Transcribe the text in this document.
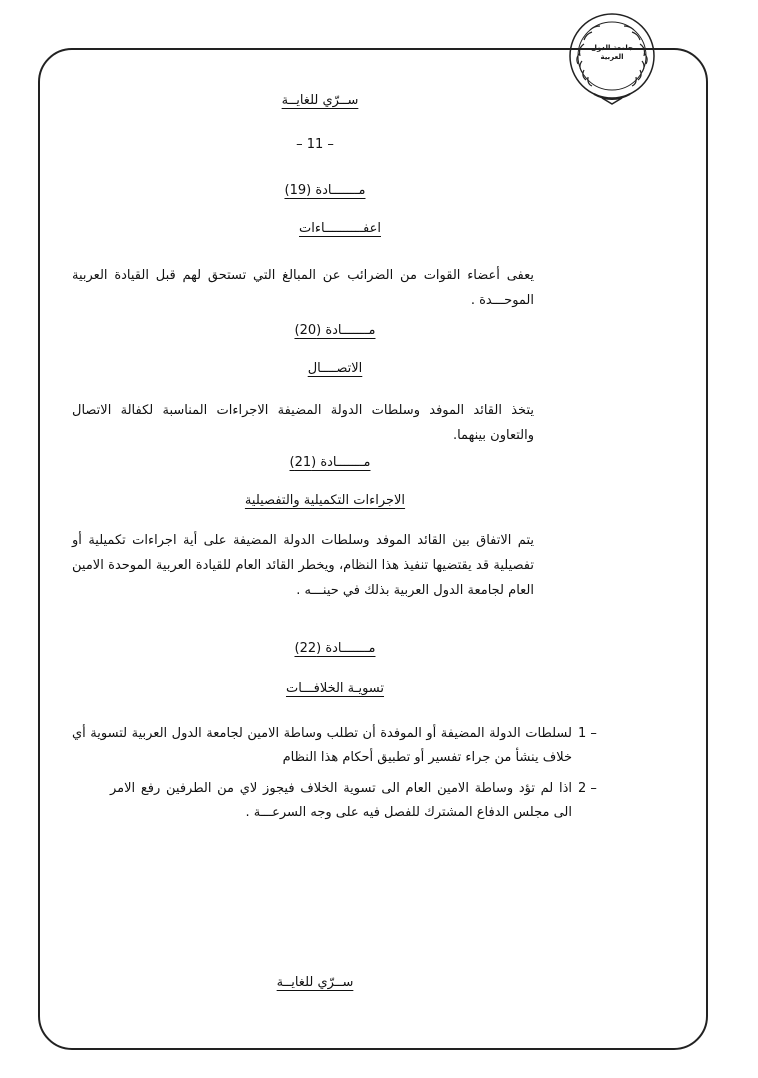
جامعة الدول العربية
ســرّي للغايــة
– 11 –
مـــــــادة (19)
اعفــــــــــاءات
يعفى أعضاء القوات من الضرائب عن المبالغ التي تستحق لهم قبل القيادة العربية الموحـــدة .
مـــــــادة (20)
الاتصــــال
يتخذ القائد الموفد وسلطات الدولة المضيفة الاجراءات المناسبة لكفالة الاتصال والتعاون بينهما.
مـــــــادة (21)
الاجراءات التكميلية والتفصيلية
يتم الاتفاق بين القائد الموفد وسلطات الدولة المضيفة على أية اجراءات تكميلية أو تفصيلية قد يقتضيها تنفيذ هذا النظام، ويخطر القائد العام للقيادة العربية الموحدة الامين العام لجامعة الدول العربية بذلك في حينـــه .
مـــــــادة (22)
تسويـة الخلافـــات
1 –
لسلطات الدولة المضيفة أو الموفدة أن تطلب وساطة الامين لجامعة الدول العربية لتسوية أي خلاف ينشأ من جراء تفسير أو تطبيق أحكام هذا النظام
2 –
اذا لم تؤد وساطة الامين العام الى تسوية الخلاف فيجوز لاي من الطرفين رفع الامر الى مجلس الدفاع المشترك للفصل فيه على وجه السرعـــة .
ســرّي للغايــة
